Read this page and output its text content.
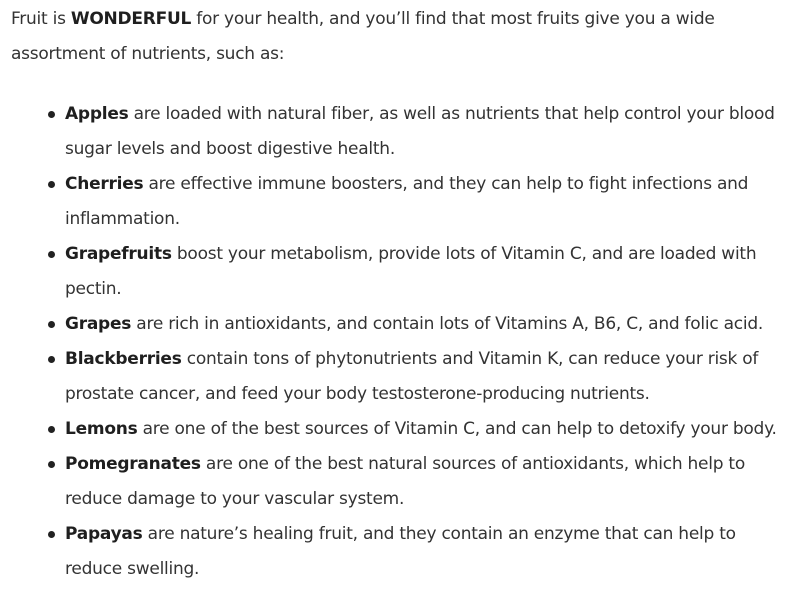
Fruit is WONDERFUL for your health, and you’ll find that most fruits give you a wide assortment of nutrients, such as:

Apples are loaded with natural fiber, as well as nutrients that help control your blood sugar levels and boost digestive health.
Cherries are effective immune boosters, and they can help to fight infections and inflammation.
Grapefruits boost your metabolism, provide lots of Vitamin C, and are loaded with pectin.
Grapes are rich in antioxidants, and contain lots of Vitamins A, B6, C, and folic acid.
Blackberries contain tons of phytonutrients and Vitamin K, can reduce your risk of prostate cancer, and feed your body testosterone-producing nutrients.
Lemons are one of the best sources of Vitamin C, and can help to detoxify your body.
Pomegranates are one of the best natural sources of antioxidants, which help to reduce damage to your vascular system.
Papayas are nature’s healing fruit, and they contain an enzyme that can help to reduce swelling.
